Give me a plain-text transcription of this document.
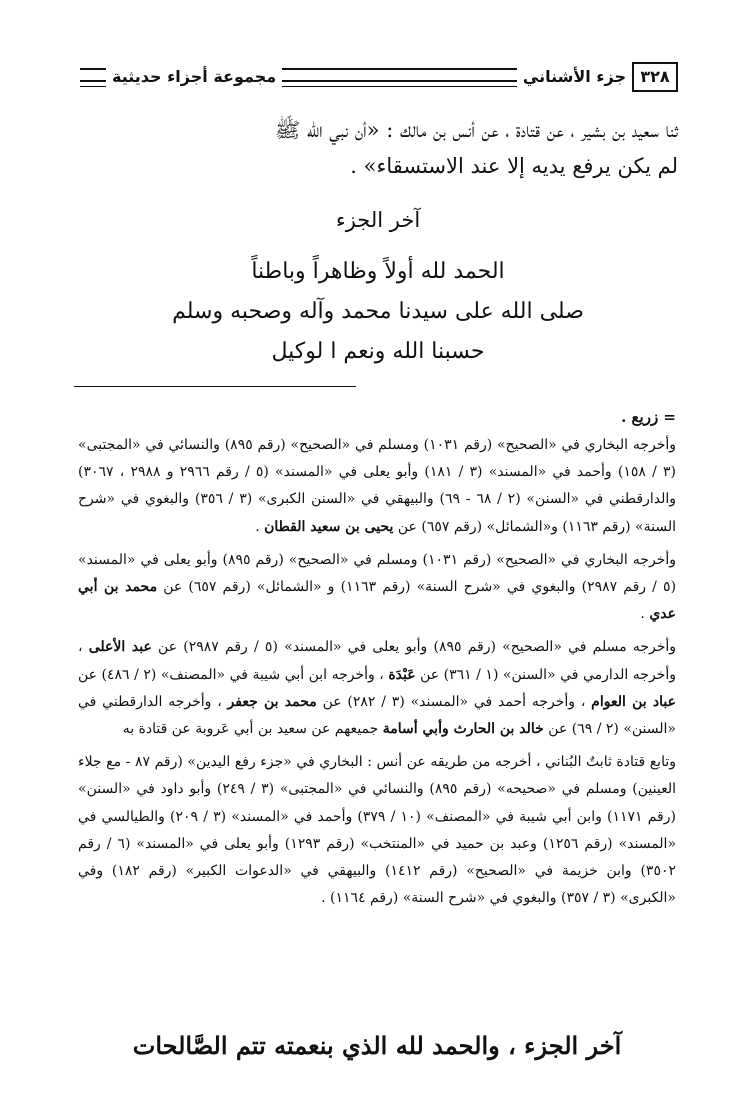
٣٢٨
جزء الأشناني
مجموعة أجزاء حديثية
ثنا سعيد بن بشير ، عن قتادة ، عن أنس بن مالك : «أن نبي الله ﷺ
لم يكن يرفع يديه إلا عند الاستسقاء» .
آخر الجزء
الحمد لله أولاً وظاهراً وباطناً
صلى الله على سيدنا محمد وآله وصحبه وسلم
حسبنا الله ونعم ا لوكيل
= زريع .

وأخرجه البخاري في «الصحيح» (رقم ١٠٣١) ومسلم في «الصحيح» (رقم ٨٩٥) والنسائي في «المجتبى» (٣ / ١٥٨) وأحمد في «المسند» (٣ / ١٨١) وأبو يعلى في «المسند» (٥ / رقم ٢٩٦٦ و ٢٩٨٨ ، ٣٠٦٧) والدارقطني في «السنن» (٢ / ٦٨ - ٦٩) والبيهقي في «السنن الكبرى» (٣ / ٣٥٦) والبغوي في «شرح السنة» (رقم ١١٦٣) و«الشمائل» (رقم ٦٥٧) عن يحيى بن سعيد القطان .

وأخرجه البخاري في «الصحيح» (رقم ١٠٣١) ومسلم في «الصحيح» (رقم ٨٩٥) وأبو يعلى في «المسند» (٥ / رقم ٢٩٨٧) والبغوي في «شرح السنة» (رقم ١١٦٣) و «الشمائل» (رقم ٦٥٧) عن محمد بن أبي عدي .

وأخرجه مسلم في «الصحيح» (رقم ٨٩٥) وأبو يعلى في «المسند» (٥ / رقم ٢٩٨٧) عن عبد الأعلى ، وأخرجه الدارمي في «السنن» (١ / ٣٦١) عن عَبْدَة ، وأخرجه ابن أبي شيبة في «المصنف» (٢ / ٤٨٦) عن عباد بن العوام ، وأخرجه أحمد في «المسند» (٣ / ٢٨٢) عن محمد بن جعفر ، وأخرجه الدارقطني في «السنن» (٢ / ٦٩) عن خالد بن الحارث وأبي أسامة جميعهم عن سعيد بن أبي عَروبة عن قتادة به

وتابع قتادة ثابتٌ البُناني ، أخرجه من طريقه عن أنس : البخاري في «جزء رفع اليدين» (رقم ٨٧ - مع جلاء العينين) ومسلم في «صحيحه» (رقم ٨٩٥) والنسائي في «المجتبى» (٣ / ٢٤٩) وأبو داود في «السنن» (رقم ١١٧١) وابن أبي شيبة في «المصنف» (١٠ / ٣٧٩) وأحمد في «المسند» (٣ / ٢٠٩) والطيالسي في «المسند» (رقم ١٢٥٦) وعبد بن حميد في «المنتخب» (رقم ١٢٩٣) وأبو يعلى في «المسند» (٦ / رقم ٣٥٠٢) وابن خزيمة في «الصحيح» (رقم ١٤١٢) والبيهقي في «الدعوات الكبير» (رقم ١٨٢) وفي «الكبرى» (٣ / ٣٥٧) والبغوي في «شرح السنة» (رقم ١١٦٤) .

آخر الجزء ، والحمد لله الذي بنعمته تتم الصَّالحات
